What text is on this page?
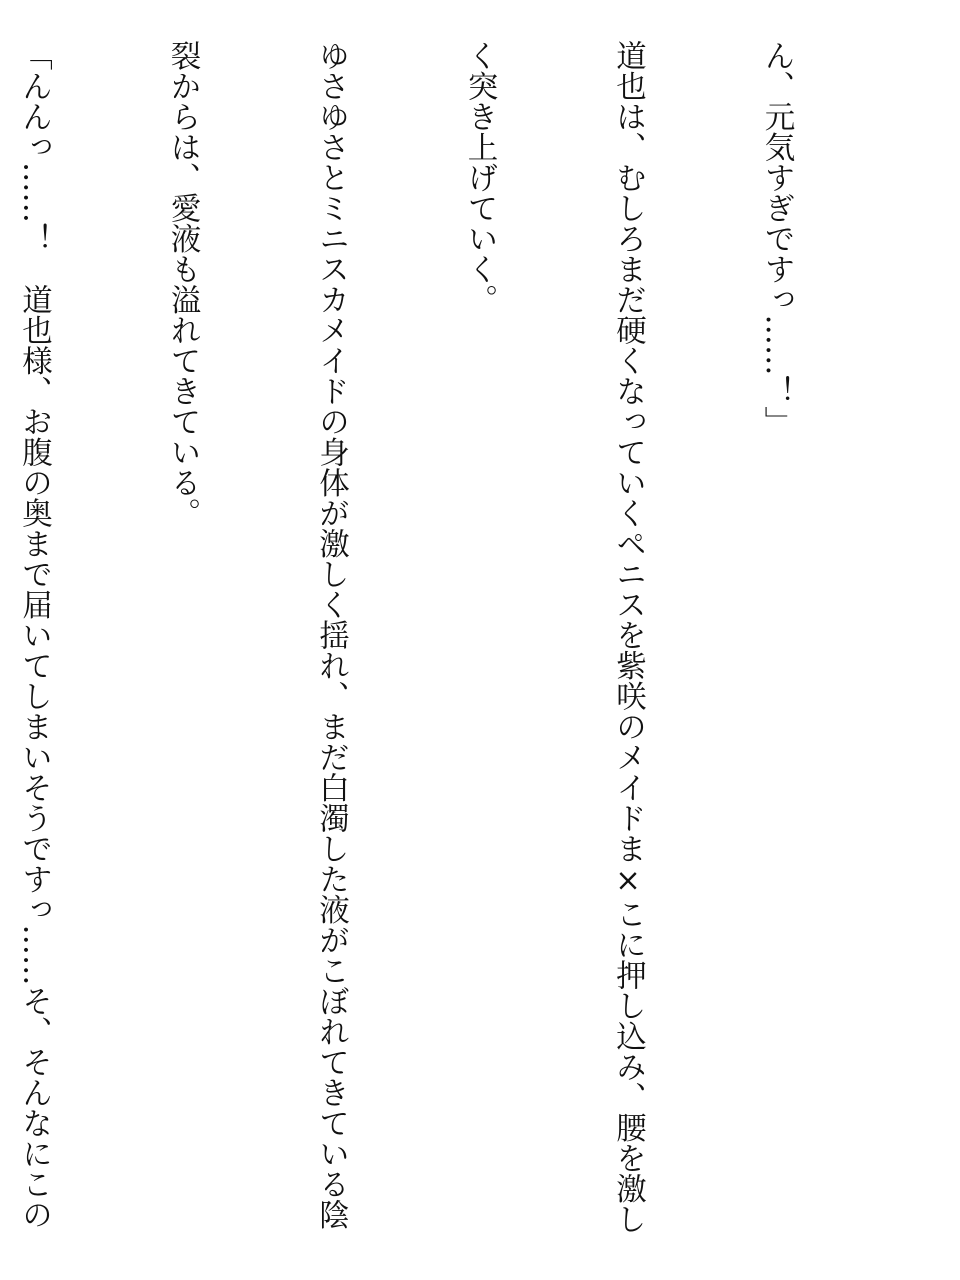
ん、元気すぎですっ……！」

道也は、むしろまだ硬くなっていくペニスを紫咲のメイドま×こに押し込み、腰を激し

く突き上げていく。

ゆさゆさとミニスカメイドの身体が激しく揺れ、まだ白濁した液がこぼれてきている陰

裂からは、愛液も溢れてきている。

「んんっ……！　道也様、お腹の奥まで届いてしまいそうですっ……そ、そんなにこの
